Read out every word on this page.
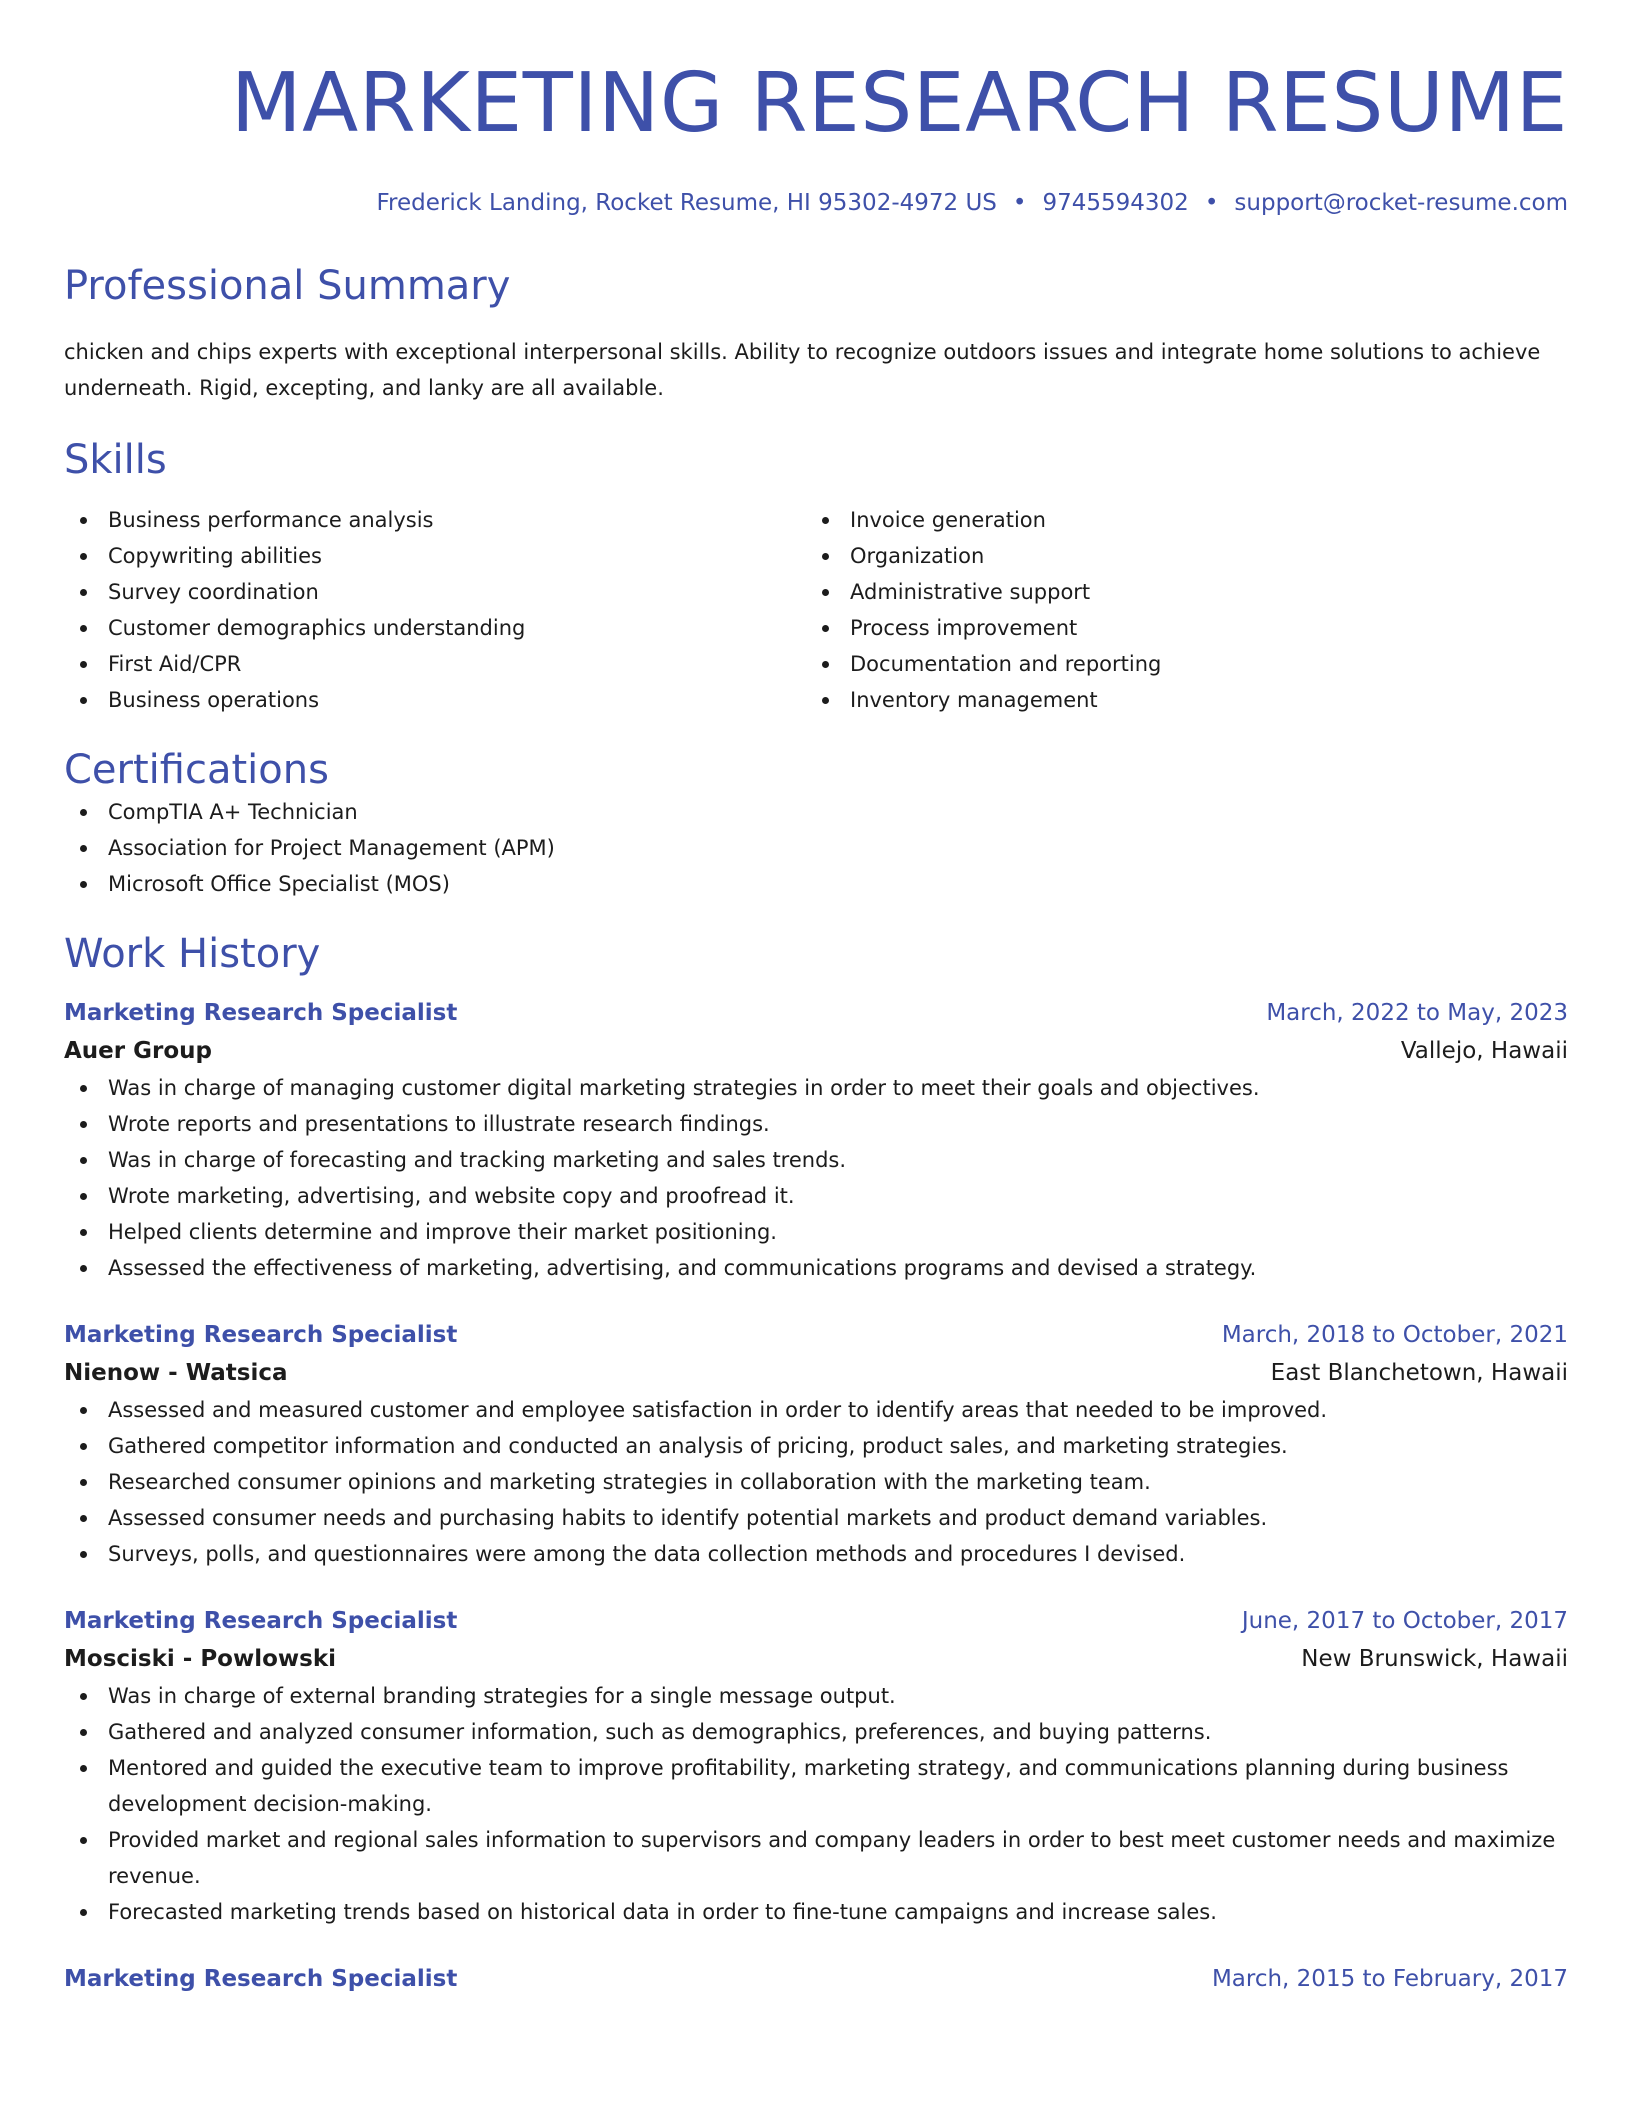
MARKETING RESEARCH RESUME
Frederick Landing, Rocket Resume, HI 95302-4972 US • 9745594302 • support@rocket-resume.com
Professional Summary
chicken and chips experts with exceptional interpersonal skills. Ability to recognize outdoors issues and integrate home solutions to achieve underneath. Rigid, excepting, and lanky are all available.
Skills
Business performance analysis
Copywriting abilities
Survey coordination
Customer demographics understanding
First Aid/CPR
Business operations
Invoice generation
Organization
Administrative support
Process improvement
Documentation and reporting
Inventory management
Certifications
CompTIA A+ Technician
Association for Project Management (APM)
Microsoft Office Specialist (MOS)
Work History
Marketing Research Specialist	March, 2022 to May, 2023
Auer Group	Vallejo, Hawaii
Was in charge of managing customer digital marketing strategies in order to meet their goals and objectives.
Wrote reports and presentations to illustrate research findings.
Was in charge of forecasting and tracking marketing and sales trends.
Wrote marketing, advertising, and website copy and proofread it.
Helped clients determine and improve their market positioning.
Assessed the effectiveness of marketing, advertising, and communications programs and devised a strategy.
Marketing Research Specialist	March, 2018 to October, 2021
Nienow - Watsica	East Blanchetown, Hawaii
Assessed and measured customer and employee satisfaction in order to identify areas that needed to be improved.
Gathered competitor information and conducted an analysis of pricing, product sales, and marketing strategies.
Researched consumer opinions and marketing strategies in collaboration with the marketing team.
Assessed consumer needs and purchasing habits to identify potential markets and product demand variables.
Surveys, polls, and questionnaires were among the data collection methods and procedures I devised.
Marketing Research Specialist	June, 2017 to October, 2017
Mosciski - Powlowski	New Brunswick, Hawaii
Was in charge of external branding strategies for a single message output.
Gathered and analyzed consumer information, such as demographics, preferences, and buying patterns.
Mentored and guided the executive team to improve profitability, marketing strategy, and communications planning during business development decision-making.
Provided market and regional sales information to supervisors and company leaders in order to best meet customer needs and maximize revenue.
Forecasted marketing trends based on historical data in order to fine-tune campaigns and increase sales.
Marketing Research Specialist	March, 2015 to February, 2017
